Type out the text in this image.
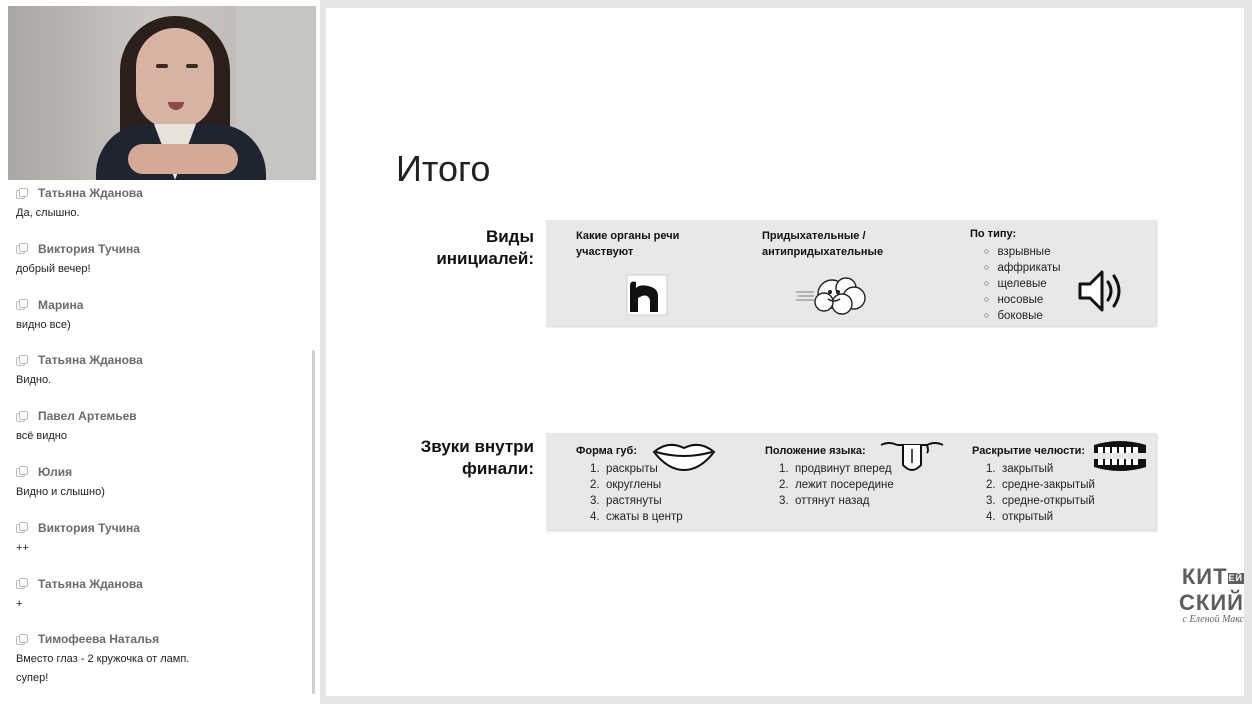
Татьяна Жданова
Да, слышно.
Виктория Тучина
добрый вечер!
Марина
видно все)
Татьяна Жданова
Видно.
Павел Артемьев
всё видно
Юлия
Видно и слышно)
Виктория Тучина
++
Татьяна Жданова
+
Тимофеева Наталья
Вместо глаз - 2 кружочка от ламп.
супер!
Итого
Виды
инициалей:
Какие органы речи
участвуют
Придыхательные /
антипридыхательные
По типу:
○ взрывные
○ аффрикаты
○ щелевые
○ носовые
○ боковые
Звуки внутри
финали:
Форма губ:
1. раскрыты
2. округлены
3. растянуты
4. сжаты в центр
Положение языка:
1. продвинут вперед
2. лежит посередине
3. оттянут назад
Раскрытие челюсти:
1. закрытый
2. средне-закрытый
3. средне-открытый
4. открытый
КИТЕЙСКИЙ
с Еленой Макс
